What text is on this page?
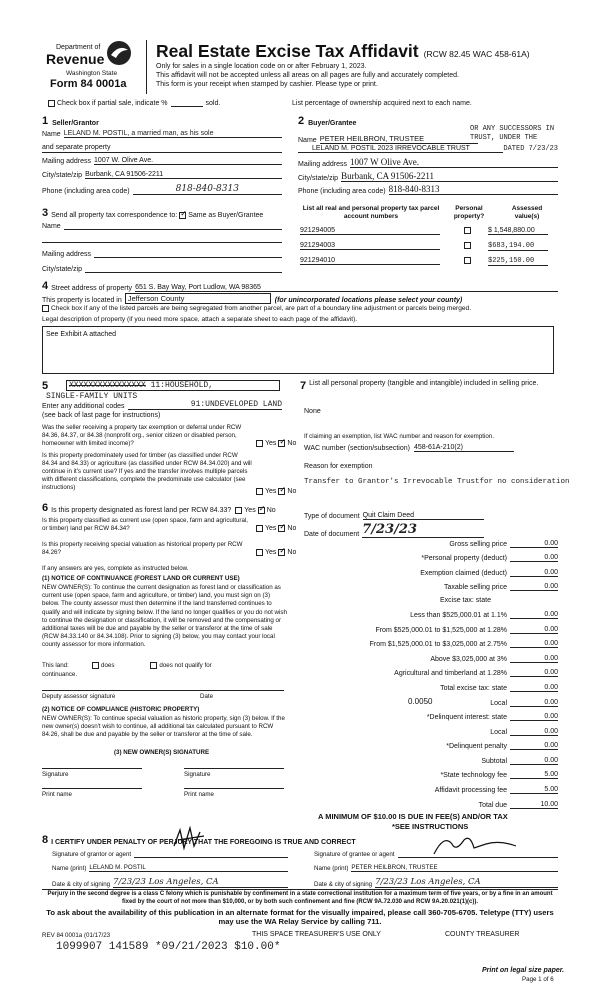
Department of
Revenue
Washington State
Form 84 0001a
Real Estate Excise Tax Affidavit (RCW 82.45 WAC 458-61A)
Only for sales in a single location code on or after February 1, 2023.
This affidavit will not be accepted unless all areas on all pages are fully and accurately completed.
This form is your receipt when stamped by cashier. Please type or print.
Check box if partial sale, indicate %	sold.	List percentage of ownership acquired next to each name.
1 Seller/Grantor
Name LELAND M. POSTIL, a married man, as his sole
and separate property
Mailing address 1007 W. Olive Ave.
City/state/zip Burbank, CA 91506-2211
Phone (including area code)	818-840-8313
2 Buyer/Grantee
OR ANY SUCCESSORS IN TRUST, UNDER THE
Name PETER HEILBRON, TRUSTEE
LELAND M. POSTIL 2023 IRREVOCABLE TRUST	DATED 7/23/23
Mailing address 1007 W Olive Ave.
City/state/zip Burbank, CA 91506-2211
Phone (including area code) 818-840-8313
3 Send all property tax correspondence to: ✓ Same as Buyer/Grantee
Name
Mailing address
City/state/zip
List all real and personal property tax parcel account numbers
Personal property?
Assessed value(s)
921294005	$ 1,548,880.00
921294003	$683,194.00
921294010	$225,150.00
4 Street address of property 651 S. Bay Way, Port Ludlow, WA 98365
This property is located in Jefferson County	(for unincorporated locations please select your county)
Check box if any of the listed parcels are being segregated from another parcel, are part of a boundary line adjustment or parcels being merged.
Legal description of property (if you need more space, attach a separate sheet to each page of the affidavit).
See Exhibit A attached
5	XXXXXXXXXXXXXXXX 11:HOUSEHOLD,
SINGLE-FAMILY UNITS
Enter any additional codes	91:UNDEVELOPED LAND
(see back of last page for instructions)
Was the seller receiving a property tax exemption or deferral under RCW 84.36, 84.37, or 84.38 (nonprofit org., senior citizen or disabled person, homeowner with limited income)?	Yes ✓ No
Is this property predominately used for timber (as classified under RCW 84.34 and 84.33) or agriculture (as classified under RCW 84.34.020) and will continue in it's current use? If yes and the transfer involves multiple parcels with different classifications, complete the predominate use calculator (see instructions)
Yes ✓ No
6 Is this property designated as forest land per RCW 84.33? Yes ✓ No
Is this property classified as current use (open space, farm and agricultural, or timber) land per RCW 84.34?	Yes ✓ No
Is this property receiving special valuation as historical property per RCW 84.26?	Yes ✓ No
If any answers are yes, complete as instructed below.
(1) NOTICE OF CONTINUANCE (FOREST LAND OR CURRENT USE)
NEW OWNER(S): To continue the current designation as forest land or classification as current use (open space, farm and agriculture, or timber) land, you must sign on (3) below. The county assessor must then determine if the land transferred continues to qualify and will indicate by signing below. If the land no longer qualifies or you do not wish to continue the designation or classification, it will be removed and the compensating or additional taxes will be due and payable by the seller or transferor at the time of sale (RCW 84.33.140 or 84.34.108). Prior to signing (3) below, you may contact your local county assessor for more information.
This land:	does	does not qualify for
continuance.
Deputy assessor signature	Date
(2) NOTICE OF COMPLIANCE (HISTORIC PROPERTY)
NEW OWNER(S): To continue special valuation as historic property, sign (3) below. If the new owner(s) doesn't wish to continue, all additional tax calculated pursuant to RCW 84.26, shall be due and payable by the seller or transferor at the time of sale.
(3) NEW OWNER(S) SIGNATURE
Signature	Signature
Print name	Print name
7 List all personal property (tangible and intangible) included in selling price.
None
If claiming an exemption, list WAC number and reason for exemption.
WAC number (section/subsection) 458-61A-210(2)
Reason for exemption
Transfer to Grantor's Irrevocable Trustfor no consideration
Type of document Quit Claim Deed
Date of document 7/23/23
Gross selling price	0.00
*Personal property (deduct)	0.00
Exemption claimed (deduct)	0.00
Taxable selling price	0.00
Excise tax: state
Less than $525,000.01 at 1.1%	0.00
From $525,000.01 to $1,525,000 at 1.28%	0.00
From $1,525,000.01 to $3,025,000 at 2.75%	0.00
Above $3,025,000 at 3%	0.00
Agricultural and timberland at 1.28%	0.00
Total excise tax: state	0.00
0.0050	Local	0.00
*Delinquent interest: state	0.00
Local	0.00
*Delinquent penalty	0.00
Subtotal	0.00
*State technology fee	5.00
Affidavit processing fee	5.00
Total due	10.00
A MINIMUM OF $10.00 IS DUE IN FEE(S) AND/OR TAX
*SEE INSTRUCTIONS
8 I CERTIFY UNDER PENALTY OF PERJURY THAT THE FOREGOING IS TRUE AND CORRECT
Signature of grantor or agent
Name (print) LELAND M. POSTIL
Date & city of signing 7/23/23 Los Angeles, CA
Signature of grantee or agent
Name (print) PETER HEILBRON, TRUSTEE
Date & city of signing 7/23/23 Los Angeles, CA
Perjury in the second degree is a class C felony which is punishable by confinement in a state correctional institution for a maximum term of five years, or by a fine in an amount fixed by the court of not more than $10,000, or by both such confinement and fine (RCW 9A.72.030 and RCW 9A.20.021(1)(c)).
To ask about the availability of this publication in an alternate format for the visually impaired, please call 360-705-6705. Teletype (TTY) users may use the WA Relay Service by calling 711.
REV 84 0001a (01/17/23	THIS SPACE TREASURER'S USE ONLY	COUNTY TREASURER
1099907 141589 *09/21/2023 $10.00*
Print on legal size paper.
Page 1 of 6
